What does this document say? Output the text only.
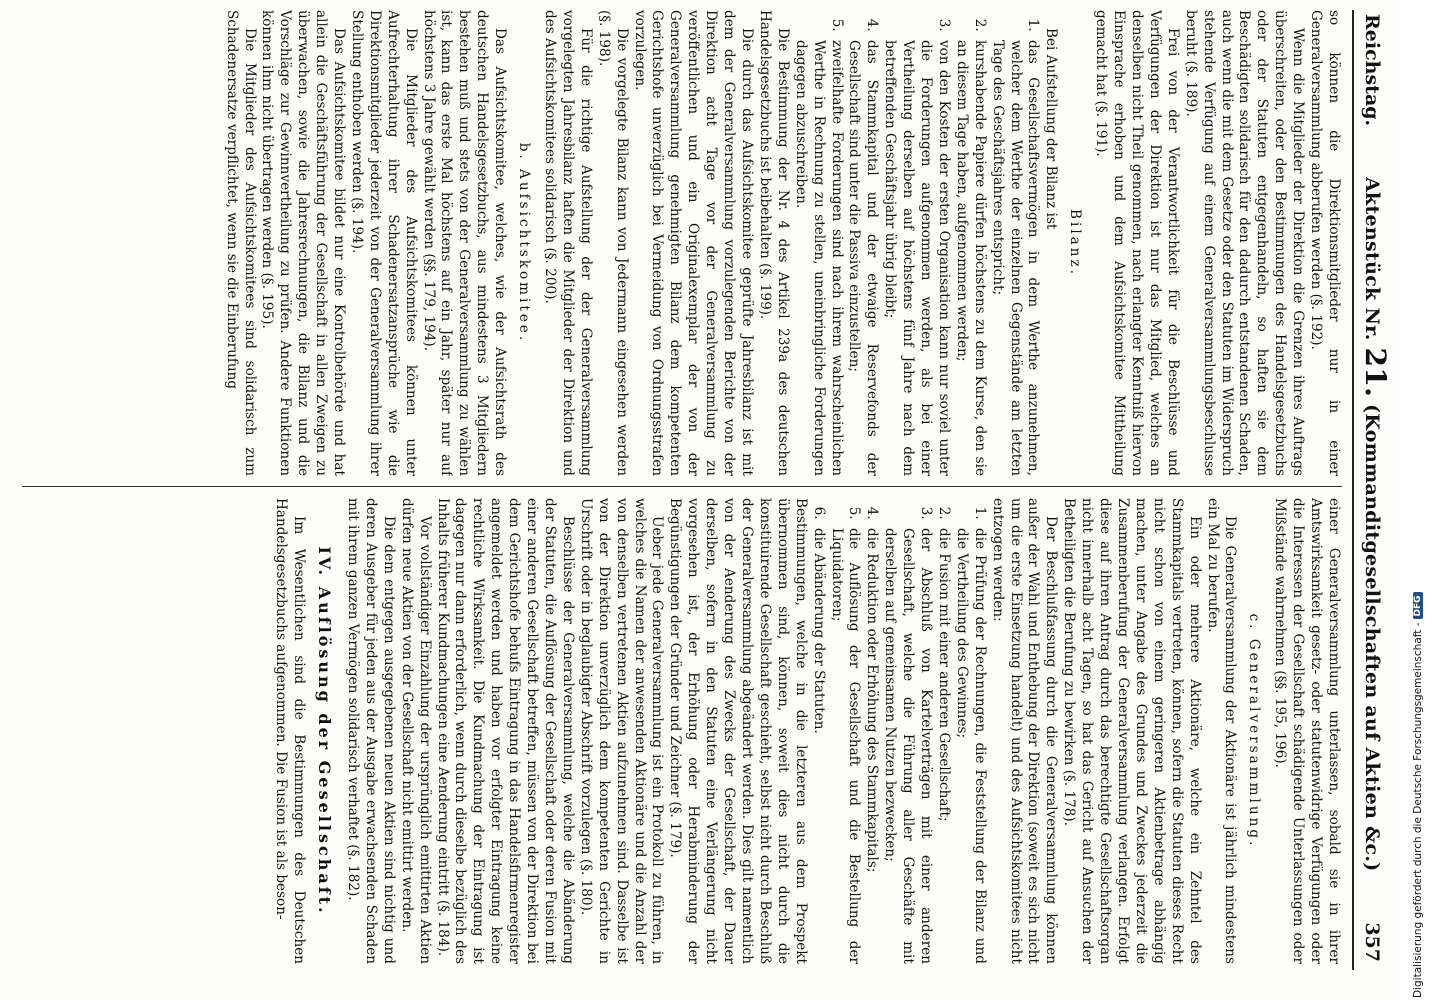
Reichstag.
Aktenstück Nr. 21. (Kommanditgesellschaften auf Aktien &c.)
357

so können die Direktionsmitglieder nur in einer Generalversammlung abberufen werden (§. 192).

Wenn die Mitglieder der Direktion die Grenzen ihres Auftrags überschreiten, oder den Bestimmungen des Handelsgesetzbuchs oder der Statuten entgegenhandeln, so haften sie dem Beschädigten solidarisch für den dadurch entstandenen Schaden, auch wenn die mit dem Gesetze oder den Statuten im Widerspruch stehende Verfügung auf einem Generalversammlungsbeschlusse beruht (§. 189).

Frei von der Verantwortlichkeit für die Beschlüsse und Verfügungen der Direktion ist nur das Mitglied, welches an denselben nicht Theil genommen, nach erlangter Kenntniß hiervon Einsprache erhoben und dem Aufsichtskomitee Mittheilung gemacht hat (§. 191).

Bilanz.

Bei Aufstellung der Bilanz ist

1. das Gesellschaftsvermögen in dem Werthe anzunehmen, welcher dem Werthe der einzelnen Gegenstände am letzten Tage des Geschäftsjahres entspricht;
2. kurshabende Papiere dürfen höchstens zu dem Kurse, den sie an diesem Tage haben, aufgenommen werden;
3. von den Kosten der ersten Organisation kann nur soviel unter die Forderungen aufgenommen werden, als bei einer Vertheilung derselben auf höchstens fünf Jahre nach dem betreffenden Geschäftsjahr übrig bleibt;
4. das Stammkapital und der etwaige Reservefonds der Gesellschaft sind unter die Passiva einzustellen;
5. zweifelhafte Forderungen sind nach ihrem wahrscheinlichen Werthe in Rechnung zu stellen, uneinbringliche Forderungen dagegen abzuschreiben.

Die Bestimmung der Nr. 4 des Artikel 239a des deutschen Handelsgesetzbuchs ist beibehalten (§. 199).

Die durch das Aufsichtskomitee geprüfte Jahresbilanz ist mit dem der Generalversammlung vorzulegenden Berichte von der Direktion acht Tage vor der Generalversammlung zu veröffentlichen und ein Originalexemplar der von der Generalversammlung genehmigten Bilanz dem kompetenten Gerichtshofe unverzüglich bei Vermeidung von Ordnungsstrafen vorzulegen.

Die vorgelegte Bilanz kann von Jedermann eingesehen werden (§. 198).

Für die richtige Aufstellung der der Generalversammlung vorgelegten Jahresbilanz haften die Mitglieder der Direktion und des Aufsichtskomitees solidarisch (§. 200).

b. Aufsichtskomitee.

Das Aufsichtskomitee, welches, wie der Aufsichtsrath des deutschen Handelsgesetzbuchs, aus mindestens 3 Mitgliedern bestehen muß und stets von der Generalversammlung zu wählen ist, kann das erste Mal höchstens auf ein Jahr, später nur auf höchstens 3 Jahre gewählt werden (§§. 179, 194).

Die Mitglieder des Aufsichtskomitees können unter Aufrechterhaltung ihrer Schadenersatzansprüche wie die Direktionsmitglieder jederzeit von der Generalversammlung ihrer Stellung enthoben werden (§. 194).

Das Aufsichtskomitee bildet nur eine Kontrolbehörde und hat allein die Geschäftsführung der Gesellschaft in allen Zweigen zu überwachen, sowie die Jahresrechnungen, die Bilanz und die Vorschläge zur Gewinnvertheilung zu prüfen. Andere Funktionen können ihm nicht übertragen werden (§. 195).

Die Mitglieder des Aufsichtskomitees sind solidarisch zum Schadenersatze verpflichtet, wenn sie die Einberufung

einer Generalversammlung unterlassen, sobald sie in ihrer Amtswirksamkeit gesetz- oder statutenwidrige Verfügungen oder die Interessen der Gesellschaft schädigende Unterlassungen oder Mißstände wahrnehmen (§§. 195, 196).

c. Generalversammlung.

Die Generalversammlung der Aktionäre ist jährlich mindestens ein Mal zu berufen.

Ein oder mehrere Aktionäre, welche ein Zehntel des Stammkapitals vertreten, können, sofern die Statuten dieses Recht nicht schon von einem geringeren Aktienbetrage abhängig machen, unter Angabe des Grundes und Zweckes jederzeit die Zusammenberufung der Generalversammlung verlangen. Erfolgt diese auf ihren Antrag durch das berechtigte Gesellschaftsorgan nicht innerhalb acht Tagen, so hat das Gericht auf Ansuchen der Betheiligten die Berufung zu bewirken (§. 178).

Der Beschlußfassung durch die Generalversammlung können außer der Wahl und Enthebung der Direktion (soweit es sich nicht um die erste Einsetzung handelt) und des Aufsichtskomitees nicht entzogen werden:

1. die Prüfung der Rechnungen, die Feststellung der Bilanz und die Vertheilung des Gewinnes;
2. die Fusion mit einer anderen Gesellschaft;
3. der Abschluß von Kartelverträgen mit einer anderen Gesellschaft, welche die Führung aller Geschäfte mit derselben auf gemeinsamen Nutzen bezwecken;
4. die Reduktion oder Erhöhung des Stammkapitals;
5. die Auflösung der Gesellschaft und die Bestellung der Liquidatoren;
6. die Abänderung der Statuten.

Bestimmungen, welche in die letzteren aus dem Prospekt übernommen sind, können, soweit dies nicht durch die konstituirende Gesellschaft geschieht, selbst nicht durch Beschluß der Generalversammlung abgeändert werden. Dies gilt namentlich von der Aenderung des Zwecks der Gesellschaft, der Dauer derselben, sofern in den Statuten eine Verlängerung nicht vorgesehen ist, der Erhöhung oder Herabminderung der Begünstigungen der Gründer und Zeichner (§. 179).

Ueber jede Generalversammlung ist ein Protokoll zu führen, in welches die Namen der anwesenden Aktionäre und die Anzahl der von denselben vertretenen Aktien aufzunehmen sind. Dasselbe ist von der Direktion unverzüglich dem kompetenten Gerichte in Urschrift oder in beglaubigter Abschrift vorzulegen (§. 180).

Beschlüsse der Generalversammlung, welche die Abänderung der Statuten, die Auflösung der Gesellschaft oder deren Fusion mit einer anderen Gesellschaft betreffen, müssen von der Direktion bei dem Gerichtshofe behufs Eintragung in das Handelsfirmenregister angemeldet werden und haben vor erfolgter Eintragung keine rechtliche Wirksamkeit. Die Kundmachung der Eintragung ist dagegen nur dann erforderlich, wenn durch dieselbe bezüglich des Inhalts früherer Kundmachungen eine Aenderung eintritt (§. 184).

Vor vollständiger Einzahlung der ursprünglich emittirten Aktien dürfen neue Aktien von der Gesellschaft nicht emittirt werden.

Die dem entgegen ausgegebenen neuen Aktien sind nichtig und deren Ausgeber für jeden aus der Ausgabe erwachsenden Schaden mit ihrem ganzen Vermögen solidarisch verhaftet (§. 182).

IV. Auflösung der Gesellschaft.

Im Wesentlichen sind die Bestimmungen des Deutschen Handelsgesetzbuchs aufgenommen. Die Fusion ist als beson-	Digitalisierung gefördert durch die Deutsche Forschungsgemeinschaft -
DFG
